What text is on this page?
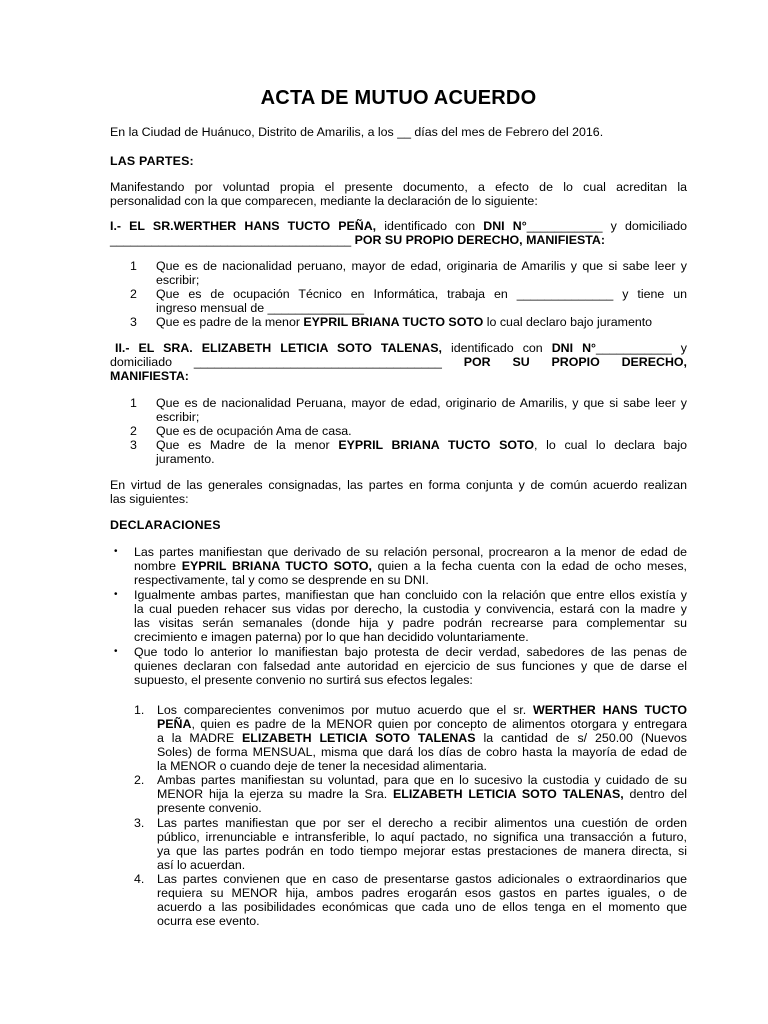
ACTA DE MUTUO ACUERDO
En la Ciudad de Huánuco, Distrito de Amarilis, a los __ días del mes de Febrero del 2016.
LAS PARTES:
Manifestando por voluntad propia el presente documento, a efecto de lo cual acreditan la
personalidad con la que comparecen, mediante la declaración de lo siguiente:
I.- EL SR.WERTHER HANS TUCTO PEÑA, identificado con DNI N°___________ y domiciliado
___________________________________ POR SU PROPIO DERECHO, MANIFIESTA:
1	Que es de nacionalidad peruano, mayor de edad, originaria de Amarilis y que si sabe leer y
escribir;
2	Que es de ocupación Técnico en Informática, trabaja en ______________ y tiene un
ingreso mensual de ______________
3	Que es padre de la menor EYPRIL BRIANA TUCTO SOTO lo cual declaro bajo juramento
II.- EL SRA. ELIZABETH LETICIA SOTO TALENAS, identificado con DNI N°___________ y
domiciliado ____________________________________ POR SU PROPIO DERECHO,
MANIFIESTA:
1	Que es de nacionalidad Peruana, mayor de edad, originario de Amarilis, y que si sabe leer y
escribir;
2	Que es de ocupación Ama de casa.
3	Que es Madre de la menor EYPRIL BRIANA TUCTO SOTO, lo cual lo declara bajo
juramento.
En virtud de las generales consignadas, las partes en forma conjunta y de común acuerdo realizan
las siguientes:
DECLARACIONES
• Las partes manifiestan que derivado de su relación personal, procrearon a la menor de edad de
nombre EYPRIL BRIANA TUCTO SOTO, quien a la fecha cuenta con la edad de ocho meses,
respectivamente, tal y como se desprende en su DNI.
• Igualmente ambas partes, manifiestan que han concluido con la relación que entre ellos existía y
la cual pueden rehacer sus vidas por derecho, la custodia y convivencia, estará con la madre y
las visitas serán semanales (donde hija y padre podrán recrearse para complementar su
crecimiento e imagen paterna) por lo que han decidido voluntariamente.
• Que todo lo anterior lo manifiestan bajo protesta de decir verdad, sabedores de las penas de
quienes declaran con falsedad ante autoridad en ejercicio de sus funciones y que de darse el
supuesto, el presente convenio no surtirá sus efectos legales:
1.	Los comparecientes convenimos por mutuo acuerdo que el sr. WERTHER HANS TUCTO
PEÑA, quien es padre de la MENOR quien por concepto de alimentos otorgara y entregara
a la MADRE ELIZABETH LETICIA SOTO TALENAS la cantidad de s/ 250.00 (Nuevos
Soles) de forma MENSUAL, misma que dará los días de cobro hasta la mayoría de edad de
la MENOR o cuando deje de tener la necesidad alimentaria.
2.	Ambas partes manifiestan su voluntad, para que en lo sucesivo la custodia y cuidado de su
MENOR hija la ejerza su madre la Sra. ELIZABETH LETICIA SOTO TALENAS, dentro del
presente convenio.
3.	Las partes manifiestan que por ser el derecho a recibir alimentos una cuestión de orden
público, irrenunciable e intransferible, lo aquí pactado, no significa una transacción a futuro,
ya que las partes podrán en todo tiempo mejorar estas prestaciones de manera directa, si
así lo acuerdan.
4.	Las partes convienen que en caso de presentarse gastos adicionales o extraordinarios que
requiera su MENOR hija, ambos padres erogarán esos gastos en partes iguales, o de
acuerdo a las posibilidades económicas que cada uno de ellos tenga en el momento que
ocurra ese evento.
